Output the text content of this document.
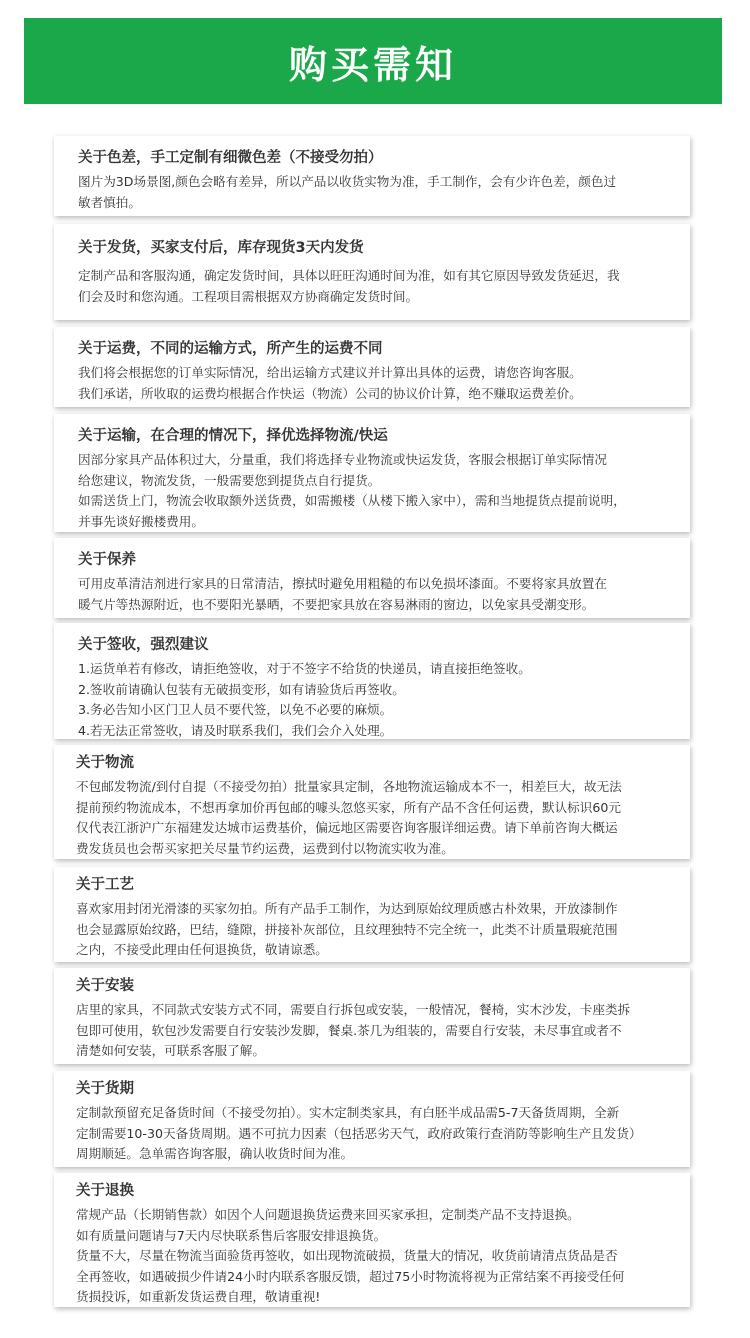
购买需知
关于色差，手工定制有细微色差（不接受勿拍）
图片为3D场景图,颜色会略有差异，所以产品以收货实物为准，手工制作，会有少许色差，颜色过
敏者慎拍。
关于发货，买家支付后，库存现货3天内发货
定制产品和客服沟通，确定发货时间，具体以旺旺沟通时间为准，如有其它原因导致发货延迟，我
们会及时和您沟通。工程项目需根据双方协商确定发货时间。
关于运费，不同的运输方式，所产生的运费不同
我们将会根据您的订单实际情况，给出运输方式建议并计算出具体的运费，请您咨询客服。
我们承诺，所收取的运费均根据合作快运（物流）公司的协议价计算，绝不赚取运费差价。
关于运输，在合理的情况下，择优选择物流/快运
因部分家具产品体积过大，分量重，我们将选择专业物流或快运发货，客服会根据订单实际情况
给您建议，物流发货，一般需要您到提货点自行提货。
如需送货上门，物流会收取额外送货费，如需搬楼（从楼下搬入家中），需和当地提货点提前说明，
并事先谈好搬楼费用。
关于保养
可用皮革清洁剂进行家具的日常清洁，擦拭时避免用粗糙的布以免损坏漆面。不要将家具放置在
暖气片等热源附近，也不要阳光暴晒，不要把家具放在容易淋雨的窗边，以免家具受潮变形。
关于签收，强烈建议
1.运货单若有修改，请拒绝签收，对于不签字不给货的快递员，请直接拒绝签收。
2.签收前请确认包装有无破损变形，如有请验货后再签收。
3.务必告知小区门卫人员不要代签，以免不必要的麻烦。
4.若无法正常签收，请及时联系我们，我们会介入处理。
关于物流
不包邮发物流/到付自提（不接受勿拍）批量家具定制，各地物流运输成本不一，相差巨大，故无法
提前预约物流成本，不想再拿加价再包邮的噱头忽悠买家，所有产品不含任何运费，默认标识60元
仅代表江浙沪广东福建发达城市运费基价，偏远地区需要咨询客服详细运费。请下单前咨询大概运
费发货员也会帮买家把关尽量节约运费，运费到付以物流实收为准。
关于工艺
喜欢家用封闭光滑漆的买家勿拍。所有产品手工制作，为达到原始纹理质感古朴效果，开放漆制作
也会显露原始纹路，巴结，缝隙，拼接补灰部位，且纹理独特不完全统一，此类不计质量瑕疵范围
之内，不接受此理由任何退换货，敬请谅悉。
关于安装
店里的家具，不同款式安装方式不同，需要自行拆包或安装，一般情况，餐椅，实木沙发，卡座类拆
包即可使用，软包沙发需要自行安装沙发脚，餐桌.茶几为组装的，需要自行安装，未尽事宜或者不
清楚如何安装，可联系客服了解。
关于货期
定制款预留充足备货时间（不接受勿拍）。实木定制类家具，有白胚半成品需5-7天备货周期，全新
定制需要10-30天备货周期。遇不可抗力因素（包括恶劣天气，政府政策行查消防等影响生产且发货）
周期顺延。急单需咨询客服，确认收货时间为准。
关于退换
常规产品（长期销售款）如因个人问题退换货运费来回买家承担，定制类产品不支持退换。
如有质量问题请与7天内尽快联系售后客服安排退换货。
货量不大，尽量在物流当面验货再签收，如出现物流破损，货量大的情况，收货前请清点货品是否
全再签收，如遇破损少件请24小时内联系客服反馈，超过75小时物流将视为正常结案不再接受任何
货损投诉，如重新发货运费自理，敬请重视!
